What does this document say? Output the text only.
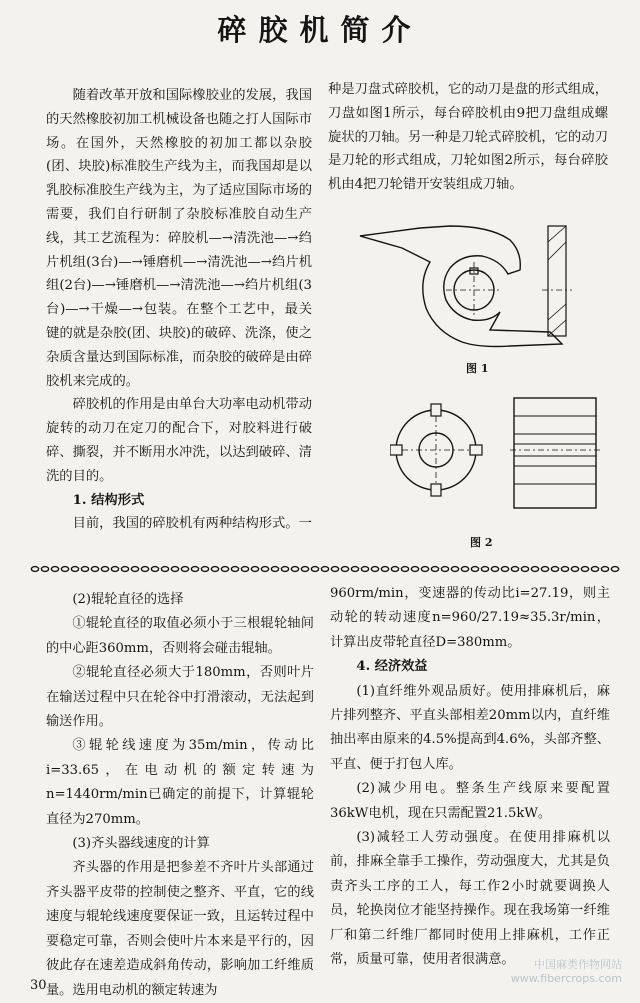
碎胶机简介

随着改革开放和国际橡胶业的发展，我国的天然橡胶初加工机械设备也随之打人国际市场。在国外，天然橡胶的初加工都以杂胶(团、块胶)标准胶生产线为主，而我国却是以乳胶标准胶生产线为主，为了适应国际市场的需要，我们自行研制了杂胶标准胶自动生产线，其工艺流程为：碎胶机—→清洗池—→绉片机组(3台)—→锤磨机—→清洗池—→绉片机组(2台)—→锤磨机—→清洗池—→绉片机组(3台)—→干燥—→包装。在整个工艺中，最关键的就是杂胶(团、块胶)的破碎、洗涤，使之杂质含量达到国际标准，而杂胶的破碎是由碎胶机来完成的。

碎胶机的作用是由单台大功率电动机带动旋转的动刀在定刀的配合下，对胶料进行破碎、撕裂，并不断用水冲洗，以达到破碎、清洗的目的。

1. 结构形式

目前，我国的碎胶机有两种结构形式。一

种是刀盘式碎胶机，它的动刀是盘的形式组成，刀盘如图1所示，每台碎胶机由9把刀盘组成螺旋状的刀轴。另一种是刀轮式碎胶机，它的动刀是刀轮的形式组成，刀轮如图2所示，每台碎胶机由4把刀轮错开安装组成刀轴。

图 1
图 2

(2)辊轮直径的选择

①辊轮直径的取值必须小于三根辊轮轴间的中心距360mm，否则将会碰击辊轴。

②辊轮直径必须大于180mm，否则叶片在输送过程中只在轮谷中打滑滚动，无法起到输送作用。

③辊轮线速度为35m/min，传动比i=33.65，在电动机的额定转速为n=1440rm/min已确定的前提下，计算辊轮直径为270mm。

(3)齐头器线速度的计算

齐头器的作用是把参差不齐叶片头部通过齐头器平皮带的控制使之整齐、平直，它的线速度与辊轮线速度要保证一致，且运转过程中要稳定可靠，否则会使叶片本来是平行的，因彼此存在速差造成斜角传动，影响加工纤维质量。选用电动机的额定转速为

960rm/min，变速器的传动比i=27.19，则主动轮的转动速度n=960/27.19≈35.3r/min，计算出皮带轮直径D=380mm。

4. 经济效益

(1)直纤维外观品质好。使用排麻机后，麻片排列整齐、平直头部相差20mm以内，直纤维抽出率由原来的4.5%提高到4.6%，头部齐整、平直、便于打包人库。

(2)减少用电。整条生产线原来要配置36kW电机，现在只需配置21.5kW。

(3)减轻工人劳动强度。在使用排麻机以前，排麻全靠手工操作，劳动强度大，尤其是负责齐头工序的工人，每工作2小时就要调换人员，轮换岗位才能坚持操作。现在我场第一纤维厂和第二纤维厂都同时使用上排麻机，工作正常，质量可靠，使用者很满意。

30
中国麻类作物网站 www.fibercrops.com
